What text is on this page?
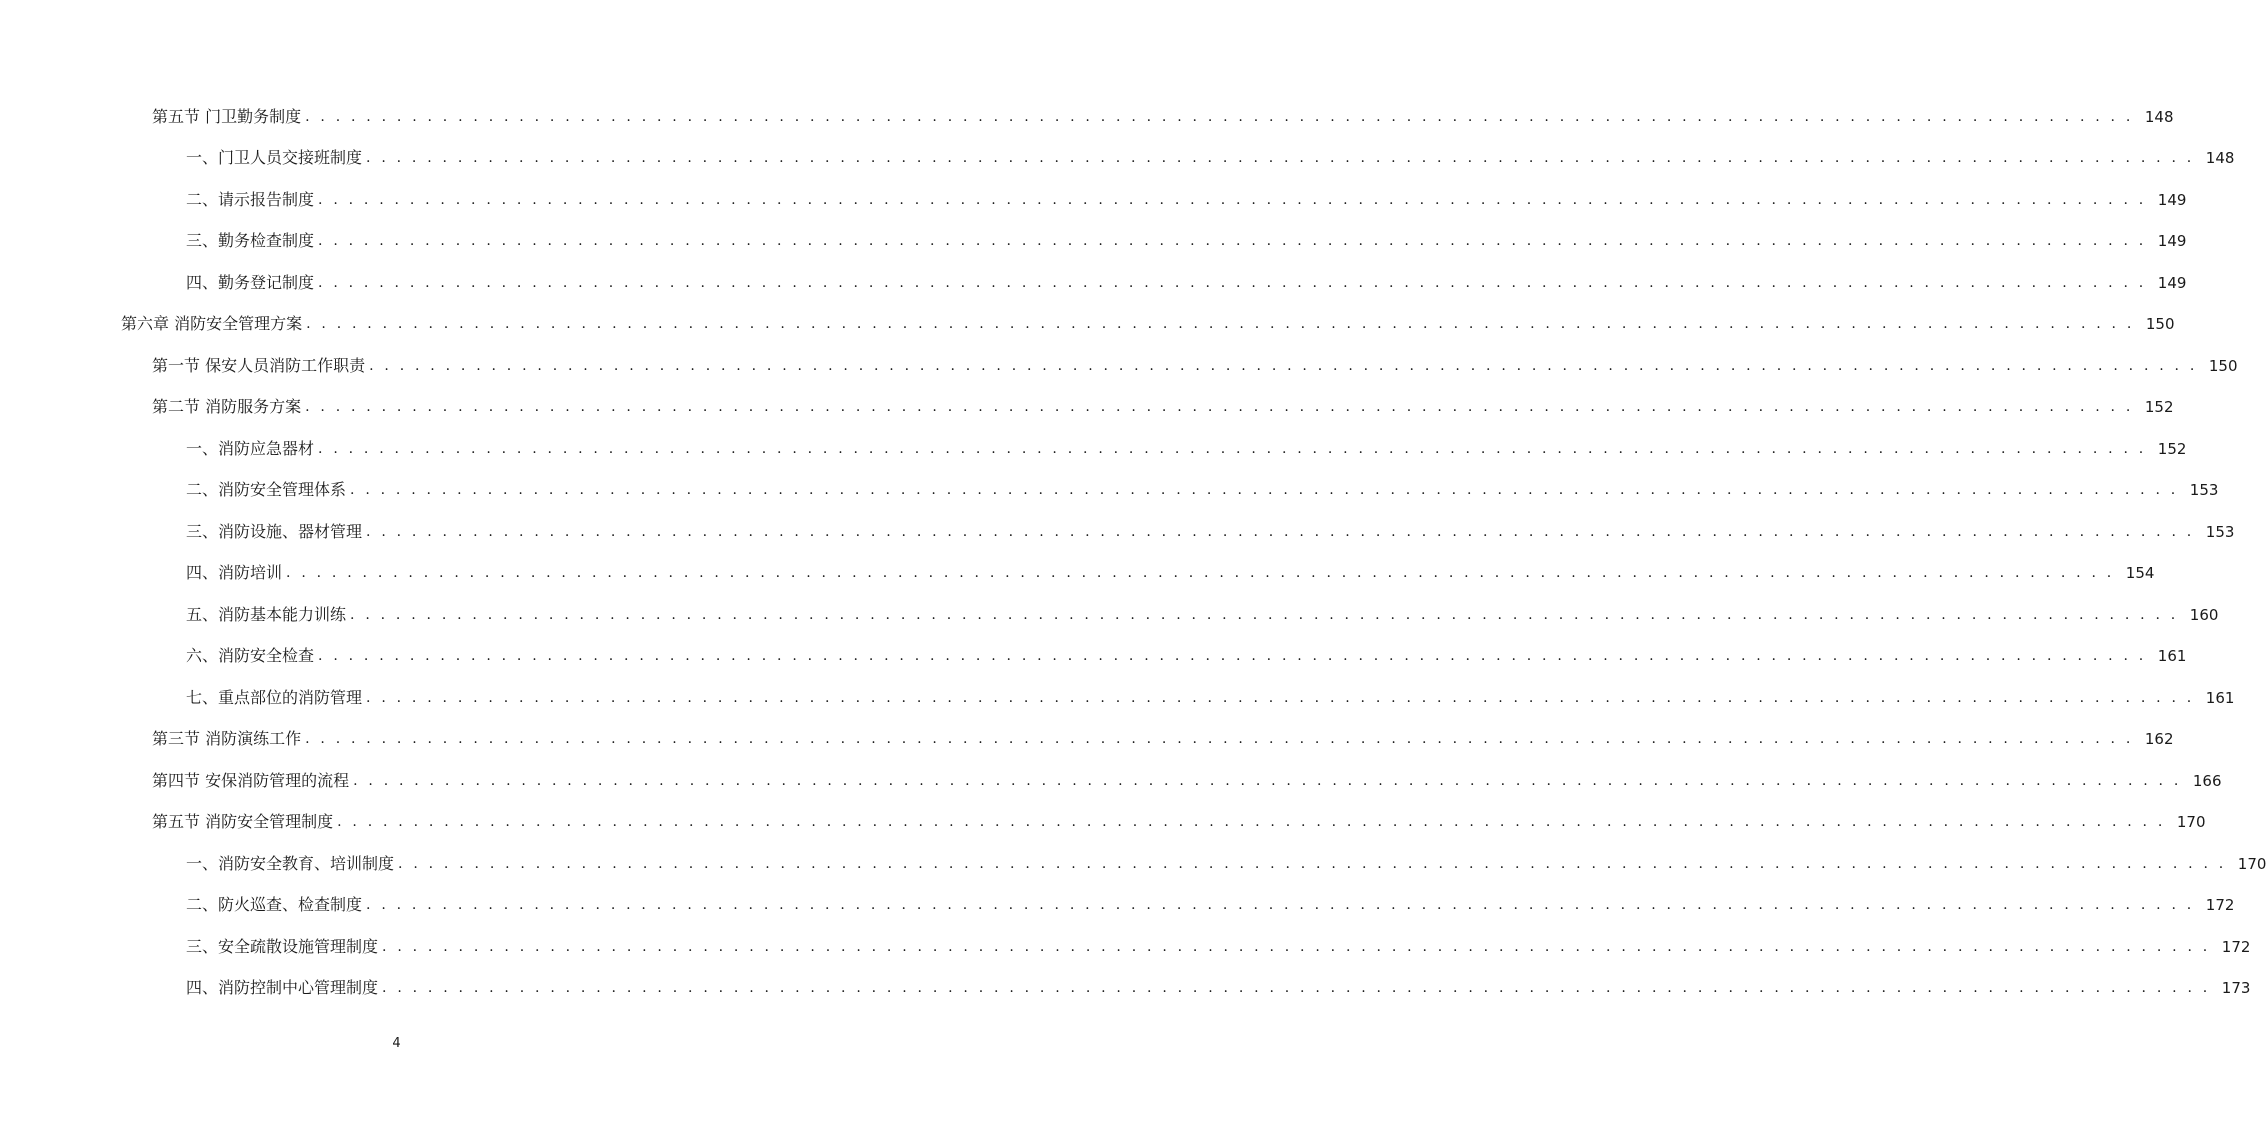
第五节 门卫勤务制度 . . . . . . . . . . . . . . . . . . . . . . . . . . . . . . . . . . . . . . . . . . . . . . . . . . . . . . . . . . . . . . . . . . . . . . . . . . . . . . . . . . . . . . . . . . . . . . . . . . . . . . . . . . . . . . . . . . . . . . . . 148
一、门卫人员交接班制度 . . . . . . . . . . . . . . . . . . . . . . . . . . . . . . . . . . . . . . . . . . . . . . . . . . . . . . . . . . . . . . . . . . . . . . . . . . . . . . . . . . . . . . . . . . . . . . . . . . . . . . . . . . . . . . . . . . . . . . . . 148
二、请示报告制度 . . . . . . . . . . . . . . . . . . . . . . . . . . . . . . . . . . . . . . . . . . . . . . . . . . . . . . . . . . . . . . . . . . . . . . . . . . . . . . . . . . . . . . . . . . . . . . . . . . . . . . . . . . . . . . . . . . . . . . . . 149
三、勤务检查制度 . . . . . . . . . . . . . . . . . . . . . . . . . . . . . . . . . . . . . . . . . . . . . . . . . . . . . . . . . . . . . . . . . . . . . . . . . . . . . . . . . . . . . . . . . . . . . . . . . . . . . . . . . . . . . . . . . . . . . . . . 149
四、勤务登记制度 . . . . . . . . . . . . . . . . . . . . . . . . . . . . . . . . . . . . . . . . . . . . . . . . . . . . . . . . . . . . . . . . . . . . . . . . . . . . . . . . . . . . . . . . . . . . . . . . . . . . . . . . . . . . . . . . . . . . . . . . 149
第六章 消防安全管理方案 . . . . . . . . . . . . . . . . . . . . . . . . . . . . . . . . . . . . . . . . . . . . . . . . . . . . . . . . . . . . . . . . . . . . . . . . . . . . . . . . . . . . . . . . . . . . . . . . . . . . . . . . . . . . . . . . . . . . . . . . 150
第一节 保安人员消防工作职责 . . . . . . . . . . . . . . . . . . . . . . . . . . . . . . . . . . . . . . . . . . . . . . . . . . . . . . . . . . . . . . . . . . . . . . . . . . . . . . . . . . . . . . . . . . . . . . . . . . . . . . . . . . . . . . . . . . . . . . . . 150
第二节 消防服务方案 . . . . . . . . . . . . . . . . . . . . . . . . . . . . . . . . . . . . . . . . . . . . . . . . . . . . . . . . . . . . . . . . . . . . . . . . . . . . . . . . . . . . . . . . . . . . . . . . . . . . . . . . . . . . . . . . . . . . . . . . 152
一、消防应急器材 . . . . . . . . . . . . . . . . . . . . . . . . . . . . . . . . . . . . . . . . . . . . . . . . . . . . . . . . . . . . . . . . . . . . . . . . . . . . . . . . . . . . . . . . . . . . . . . . . . . . . . . . . . . . . . . . . . . . . . . . 152
二、消防安全管理体系 . . . . . . . . . . . . . . . . . . . . . . . . . . . . . . . . . . . . . . . . . . . . . . . . . . . . . . . . . . . . . . . . . . . . . . . . . . . . . . . . . . . . . . . . . . . . . . . . . . . . . . . . . . . . . . . . . . . . . . . . 153
三、消防设施、器材管理 . . . . . . . . . . . . . . . . . . . . . . . . . . . . . . . . . . . . . . . . . . . . . . . . . . . . . . . . . . . . . . . . . . . . . . . . . . . . . . . . . . . . . . . . . . . . . . . . . . . . . . . . . . . . . . . . . . . . . . . . 153
四、消防培训 . . . . . . . . . . . . . . . . . . . . . . . . . . . . . . . . . . . . . . . . . . . . . . . . . . . . . . . . . . . . . . . . . . . . . . . . . . . . . . . . . . . . . . . . . . . . . . . . . . . . . . . . . . . . . . . . . . . . . . . . 154
五、消防基本能力训练 . . . . . . . . . . . . . . . . . . . . . . . . . . . . . . . . . . . . . . . . . . . . . . . . . . . . . . . . . . . . . . . . . . . . . . . . . . . . . . . . . . . . . . . . . . . . . . . . . . . . . . . . . . . . . . . . . . . . . . . . 160
六、消防安全检查 . . . . . . . . . . . . . . . . . . . . . . . . . . . . . . . . . . . . . . . . . . . . . . . . . . . . . . . . . . . . . . . . . . . . . . . . . . . . . . . . . . . . . . . . . . . . . . . . . . . . . . . . . . . . . . . . . . . . . . . . 161
七、重点部位的消防管理 . . . . . . . . . . . . . . . . . . . . . . . . . . . . . . . . . . . . . . . . . . . . . . . . . . . . . . . . . . . . . . . . . . . . . . . . . . . . . . . . . . . . . . . . . . . . . . . . . . . . . . . . . . . . . . . . . . . . . . . . 161
第三节 消防演练工作 . . . . . . . . . . . . . . . . . . . . . . . . . . . . . . . . . . . . . . . . . . . . . . . . . . . . . . . . . . . . . . . . . . . . . . . . . . . . . . . . . . . . . . . . . . . . . . . . . . . . . . . . . . . . . . . . . . . . . . . . 162
第四节 安保消防管理的流程 . . . . . . . . . . . . . . . . . . . . . . . . . . . . . . . . . . . . . . . . . . . . . . . . . . . . . . . . . . . . . . . . . . . . . . . . . . . . . . . . . . . . . . . . . . . . . . . . . . . . . . . . . . . . . . . . . . . . . . . . 166
第五节 消防安全管理制度 . . . . . . . . . . . . . . . . . . . . . . . . . . . . . . . . . . . . . . . . . . . . . . . . . . . . . . . . . . . . . . . . . . . . . . . . . . . . . . . . . . . . . . . . . . . . . . . . . . . . . . . . . . . . . . . . . . . . . . . . 170
一、消防安全教育、培训制度 . . . . . . . . . . . . . . . . . . . . . . . . . . . . . . . . . . . . . . . . . . . . . . . . . . . . . . . . . . . . . . . . . . . . . . . . . . . . . . . . . . . . . . . . . . . . . . . . . . . . . . . . . . . . . . . . . . . . . . . . 170
二、防火巡查、检查制度 . . . . . . . . . . . . . . . . . . . . . . . . . . . . . . . . . . . . . . . . . . . . . . . . . . . . . . . . . . . . . . . . . . . . . . . . . . . . . . . . . . . . . . . . . . . . . . . . . . . . . . . . . . . . . . . . . . . . . . . . 172
三、安全疏散设施管理制度 . . . . . . . . . . . . . . . . . . . . . . . . . . . . . . . . . . . . . . . . . . . . . . . . . . . . . . . . . . . . . . . . . . . . . . . . . . . . . . . . . . . . . . . . . . . . . . . . . . . . . . . . . . . . . . . . . . . . . . . . 172
四、消防控制中心管理制度 . . . . . . . . . . . . . . . . . . . . . . . . . . . . . . . . . . . . . . . . . . . . . . . . . . . . . . . . . . . . . . . . . . . . . . . . . . . . . . . . . . . . . . . . . . . . . . . . . . . . . . . . . . . . . . . . . . . . . . . . 173
4
